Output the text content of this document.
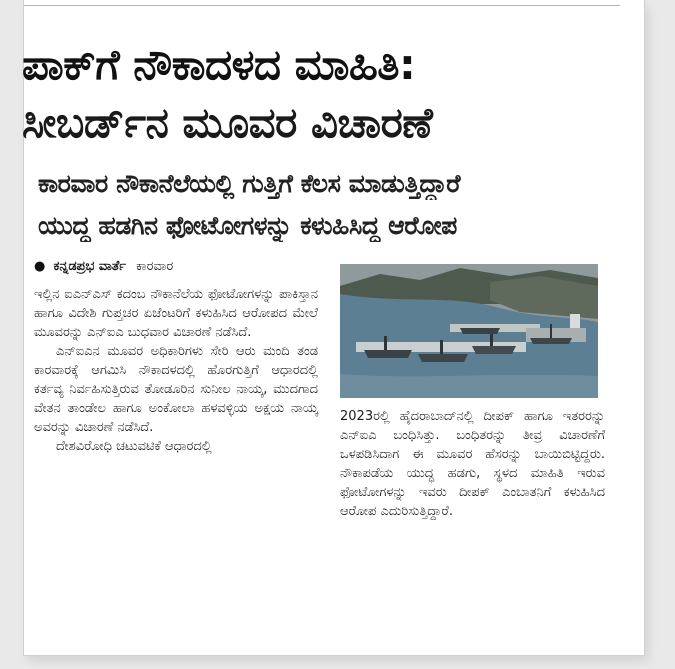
ಪಾಕ್‌ಗೆ ನೌಕಾದಳದ ಮಾಹಿತಿ:
ಸೀಬರ್ಡ್‌ನ ಮೂವರ ವಿಚಾರಣೆ
ಕಾರವಾರ ನೌಕಾನೆಲೆಯಲ್ಲಿ ಗುತ್ತಿಗೆ ಕೆಲಸ ಮಾಡುತ್ತಿದ್ದಾರೆ
ಯುದ್ಧ ಹಡಗಿನ ಫೋಟೋಗಳನ್ನು ಕಳುಹಿಸಿದ್ದ ಆರೋಪ
● ಕನ್ನಡಪ್ರಭ ವಾರ್ತೆ ಕಾರವಾರ

ಇಲ್ಲಿನ ಐಎನ್‌ಎಸ್ ಕದಂಬ ನೌಕಾನೆಲೆಯ ಫೋಟೋಗಳನ್ನು ಪಾಕಿಸ್ತಾನ ಹಾಗೂ ವಿದೇಶಿ ಗುಪ್ತಚರ ಏಜೆಂಟರಿಗೆ ಕಳುಹಿಸಿದ ಆರೋಪದ ಮೇಲೆ ಮೂವರನ್ನು ಎನ್‌ಐಎ ಬುಧವಾರ ವಿಚಾರಣೆ ನಡೆಸಿದೆ.

ಎನ್‌ಐಎನ ಮೂವರ ಅಧಿಕಾರಿಗಳು ಸೇರಿ ಆರು ಮಂದಿ ತಂಡ ಕಾರವಾರಕ್ಕೆ ಆಗಮಿಸಿ ನೌಕಾದಳದಲ್ಲಿ ಹೊರಗುತ್ತಿಗೆ ಆಧಾರದಲ್ಲಿ ಕರ್ತವ್ಯ ನಿರ್ವಹಿಸುತ್ತಿರುವ ತೋಡೂರಿನ ಸುನೀಲ ನಾಯ್ಕ, ಮುದಗಾದ ವೇತನ ತಾಂಡೇಲ ಹಾಗೂ ಅಂಕೋಲಾ ಹಳವಳ್ಳಿಯ ಅಕ್ಷಯ ನಾಯ್ಕ ಅವರನ್ನು ವಿಚಾರಣೆ ನಡೆಸಿದೆ.

ದೇಶವಿರೋಧಿ ಚಟುವಟಿಕೆ ಆಧಾರದಲ್ಲಿ

2023ರಲ್ಲಿ ಹೈದರಾಬಾದ್‌ನಲ್ಲಿ ದೀಪಕ್ ಹಾಗೂ ಇತರರನ್ನು ಎನ್‌ಐಎ ಬಂಧಿಸಿತ್ತು. ಬಂಧಿತರನ್ನು ತೀವ್ರ ವಿಚಾರಣೆಗೆ ಒಳಪಡಿಸಿದಾಗ ಈ ಮೂವರ ಹೆಸರನ್ನು ಬಾಯಿಬಿಟ್ಟಿದ್ದರು. ನೌಕಾಪಡೆಯ ಯುದ್ಧ ಹಡಗು, ಸ್ಥಳದ ಮಾಹಿತಿ ಇರುವ ಫೋಟೋಗಳನ್ನು ಇವರು ದೀಪಕ್ ಎಂಬಾತನಿಗೆ ಕಳುಹಿಸಿದ ಆರೋಪ ಎದುರಿಸುತ್ತಿದ್ದಾರೆ.
